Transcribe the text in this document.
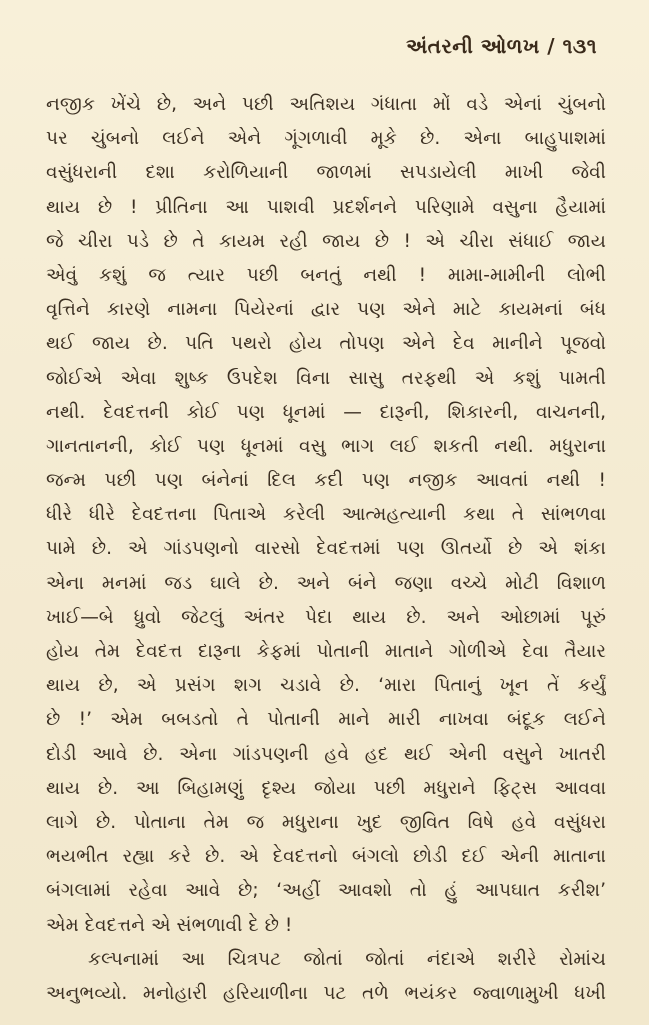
અંતરની ઓળખ / ૧૩૧
નજીક ખેંચે છે, અને પછી અતિશય ગંધાતા મોં વડે એનાં ચુંબનો
પર ચુંબનો લઈને એને ગૂંગળાવી મૂકે છે. એના બાહુપાશમાં
વસુંધરાની દશા કરોળિયાની જાળમાં સપડાયેલી માખી જેવી
થાય છે ! પ્રીતિના આ પાશવી પ્રદર્શનને પરિણામે વસુના હૈયામાં
જે ચીરા પડે છે તે કાયમ રહી જાય છે ! એ ચીરા સંધાઈ જાય
એવું કશું જ ત્યાર પછી બનતું નથી ! મામા-મામીની લોભી
વૃત્તિને કારણે નામના પિયેરનાં દ્વાર પણ એને માટે કાયમનાં બંધ
થઈ જાય છે. પતિ પથરો હોય તોપણ એને દેવ માનીને પૂજવો
જોઈએ એવા શુષ્ક ઉપદેશ વિના સાસુ તરફથી એ કશું પામતી
નથી. દેવદત્તની કોઈ પણ ધૂનમાં — દારૂની, શિકારની, વાચનની,
ગાનતાનની, કોઈ પણ ધૂનમાં વસુ ભાગ લઈ શકતી નથી. મધુરાના
જન્મ પછી પણ બંનેનાં દિલ કદી પણ નજીક આવતાં નથી !
ધીરે ધીરે દેવદત્તના પિતાએ કરેલી આત્મહત્યાની કથા તે સાંભળવા
પામે છે. એ ગાંડપણનો વારસો દેવદત્તમાં પણ ઊતર્યો છે એ શંકા
એના મનમાં જડ ઘાલે છે. અને બંને જણા વચ્ચે મોટી વિશાળ
ખાઈ—બે ધ્રુવો જેટલું અંતર પેદા થાય છે. અને ઓછામાં પૂરું
હોય તેમ દેવદત્ત દારૂના કેફમાં પોતાની માતાને ગોળીએ દેવા તૈયાર
થાય છે, એ પ્રસંગ શગ ચડાવે છે. ‘મારા પિતાનું ખૂન તેં કર્યું
છે !’ એમ બબડતો તે પોતાની માને મારી નાખવા બંદૂક લઈને
દોડી આવે છે. એના ગાંડપણની હવે હદ થઈ એની વસુને ખાતરી
થાય છે. આ બિહામણું દૃશ્ય જોયા પછી મધુરાને ફિટ્સ આવવા
લાગે છે. પોતાના તેમ જ મધુરાના ખુદ જીવિત વિષે હવે વસુંધરા
ભયભીત રહ્યા કરે છે. એ દેવદત્તનો બંગલો છોડી દઈ એની માતાના
બંગલામાં રહેવા આવે છે; ‘અહીં આવશો તો હું આપઘાત કરીશ’
એમ દેવદત્તને એ સંભળાવી દે છે !
કલ્પનામાં આ ચિત્રપટ જોતાં જોતાં નંદાએ શરીરે રોમાંચ
અનુભવ્યો. મનોહારી હરિયાળીના પટ તળે ભયંકર જ્વાળામુખી ધખી
